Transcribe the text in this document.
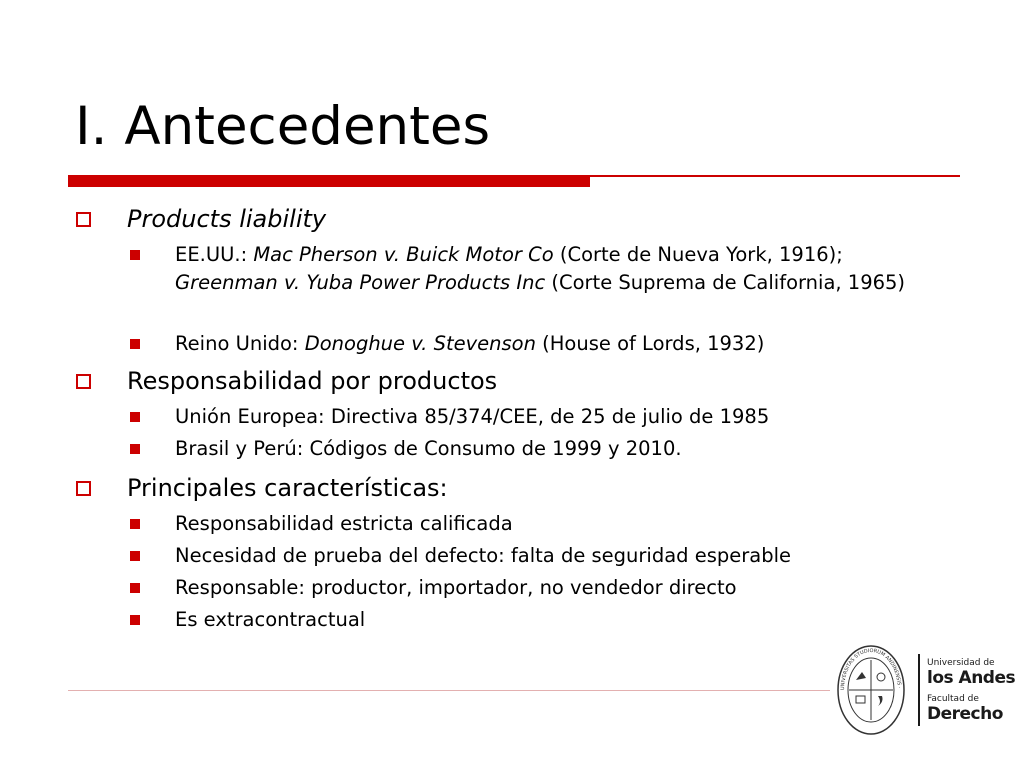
I. Antecedentes
Products liability
EE.UU.: Mac Pherson v. Buick Motor Co (Corte de Nueva York, 1916); Greenman v. Yuba Power Products Inc (Corte Suprema de California, 1965)
Reino Unido: Donoghue v. Stevenson (House of Lords, 1932)
Responsabilidad por productos
Unión Europea: Directiva 85/374/CEE, de 25 de julio de 1985
Brasil y Perú: Códigos de Consumo de 1999 y 2010.
Principales características:
Responsabilidad estricta calificada
Necesidad de prueba del defecto: falta de seguridad esperable
Responsable: productor, importador, no vendedor directo
Es extracontractual
UNIVERSITAS STUDIORUM ANDINENSIS ·
Universidad de
los Andes
Facultad de
Derecho
